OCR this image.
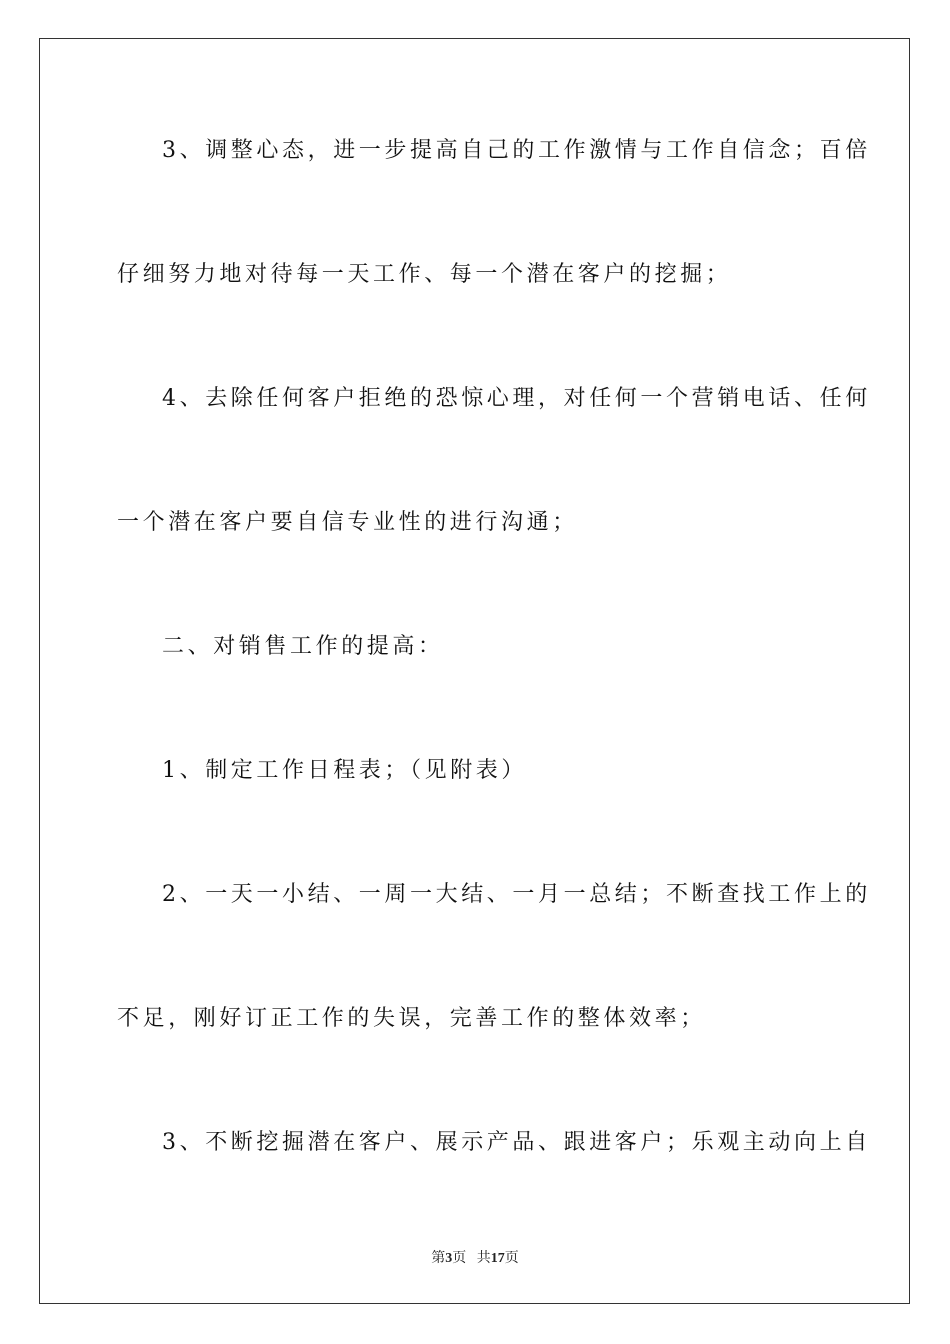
3、调整心态，进一步提高自己的工作激情与工作自信念；百倍
仔细努力地对待每一天工作、每一个潜在客户的挖掘；
4、去除任何客户拒绝的恐惊心理，对任何一个营销电话、任何
一个潜在客户要自信专业性的进行沟通；
二、对销售工作的提高：
1、制定工作日程表；（见附表）
2、一天一小结、一周一大结、一月一总结；不断查找工作上的
不足，刚好订正工作的失误，完善工作的整体效率；
3、不断挖掘潜在客户、展示产品、跟进客户；乐观主动向上自
第3页 共17页
